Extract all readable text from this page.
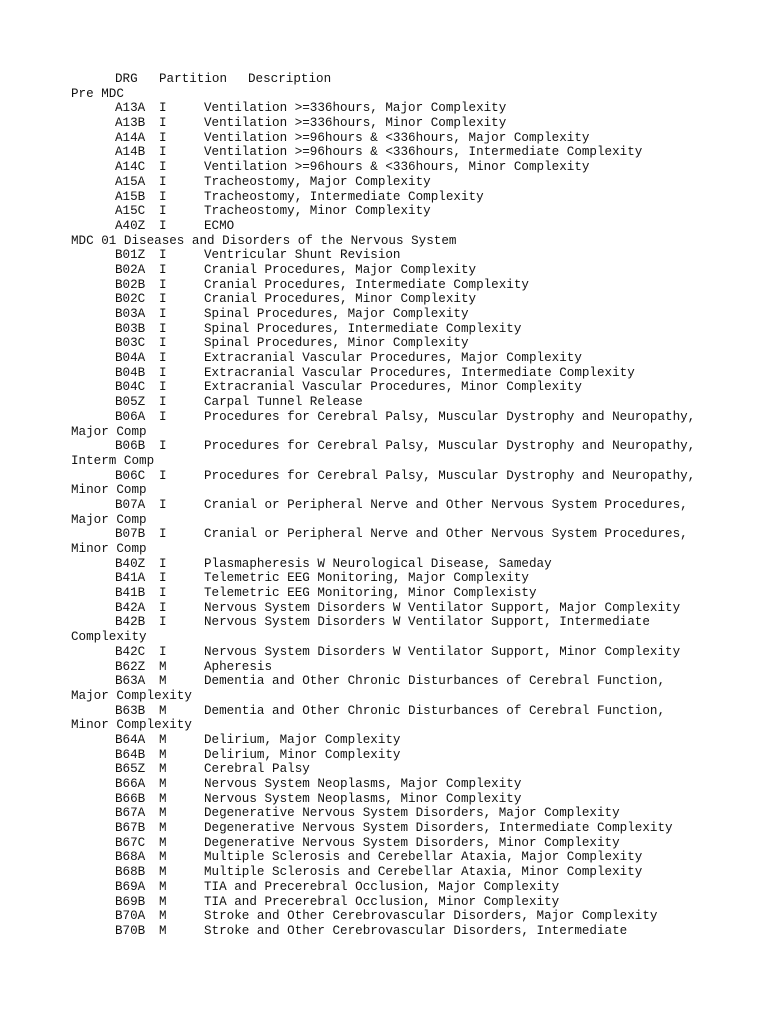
DRG Partition Description
Pre MDC
A13A I	Ventilation >=336hours, Major Complexity
A13B I	Ventilation >=336hours, Minor Complexity
A14A I	Ventilation >=96hours & <336hours, Major Complexity
A14B I	Ventilation >=96hours & <336hours, Intermediate Complexity
A14C I	Ventilation >=96hours & <336hours, Minor Complexity
A15A I	Tracheostomy, Major Complexity
A15B I	Tracheostomy, Intermediate Complexity
A15C I	Tracheostomy, Minor Complexity
A40Z I	ECMO
MDC 01 Diseases and Disorders of the Nervous System
B01Z I	Ventricular Shunt Revision
B02A I	Cranial Procedures, Major Complexity
B02B I	Cranial Procedures, Intermediate Complexity
B02C I	Cranial Procedures, Minor Complexity
B03A I	Spinal Procedures, Major Complexity
B03B I	Spinal Procedures, Intermediate Complexity
B03C I	Spinal Procedures, Minor Complexity
B04A I	Extracranial Vascular Procedures, Major Complexity
B04B I	Extracranial Vascular Procedures, Intermediate Complexity
B04C I	Extracranial Vascular Procedures, Minor Complexity
B05Z I	Carpal Tunnel Release
B06A I	Procedures for Cerebral Palsy, Muscular Dystrophy and Neuropathy,
Major Comp
B06B I	Procedures for Cerebral Palsy, Muscular Dystrophy and Neuropathy,
Interm Comp
B06C I	Procedures for Cerebral Palsy, Muscular Dystrophy and Neuropathy,
Minor Comp
B07A I	Cranial or Peripheral Nerve and Other Nervous System Procedures,
Major Comp
B07B I	Cranial or Peripheral Nerve and Other Nervous System Procedures,
Minor Comp
B40Z I	Plasmapheresis W Neurological Disease, Sameday
B41A I	Telemetric EEG Monitoring, Major Complexity
B41B I	Telemetric EEG Monitoring, Minor Complexisty
B42A I	Nervous System Disorders W Ventilator Support, Major Complexity
B42B I	Nervous System Disorders W Ventilator Support, Intermediate
Complexity
B42C I	Nervous System Disorders W Ventilator Support, Minor Complexity
B62Z M	Apheresis
B63A M	Dementia and Other Chronic Disturbances of Cerebral Function,
Major Complexity
B63B M	Dementia and Other Chronic Disturbances of Cerebral Function,
Minor Complexity
B64A M	Delirium, Major Complexity
B64B M	Delirium, Minor Complexity
B65Z M	Cerebral Palsy
B66A M	Nervous System Neoplasms, Major Complexity
B66B M	Nervous System Neoplasms, Minor Complexity
B67A M	Degenerative Nervous System Disorders, Major Complexity
B67B M	Degenerative Nervous System Disorders, Intermediate Complexity
B67C M	Degenerative Nervous System Disorders, Minor Complexity
B68A M	Multiple Sclerosis and Cerebellar Ataxia, Major Complexity
B68B M	Multiple Sclerosis and Cerebellar Ataxia, Minor Complexity
B69A M	TIA and Precerebral Occlusion, Major Complexity
B69B M	TIA and Precerebral Occlusion, Minor Complexity
B70A M	Stroke and Other Cerebrovascular Disorders, Major Complexity
B70B M	Stroke and Other Cerebrovascular Disorders, Intermediate
